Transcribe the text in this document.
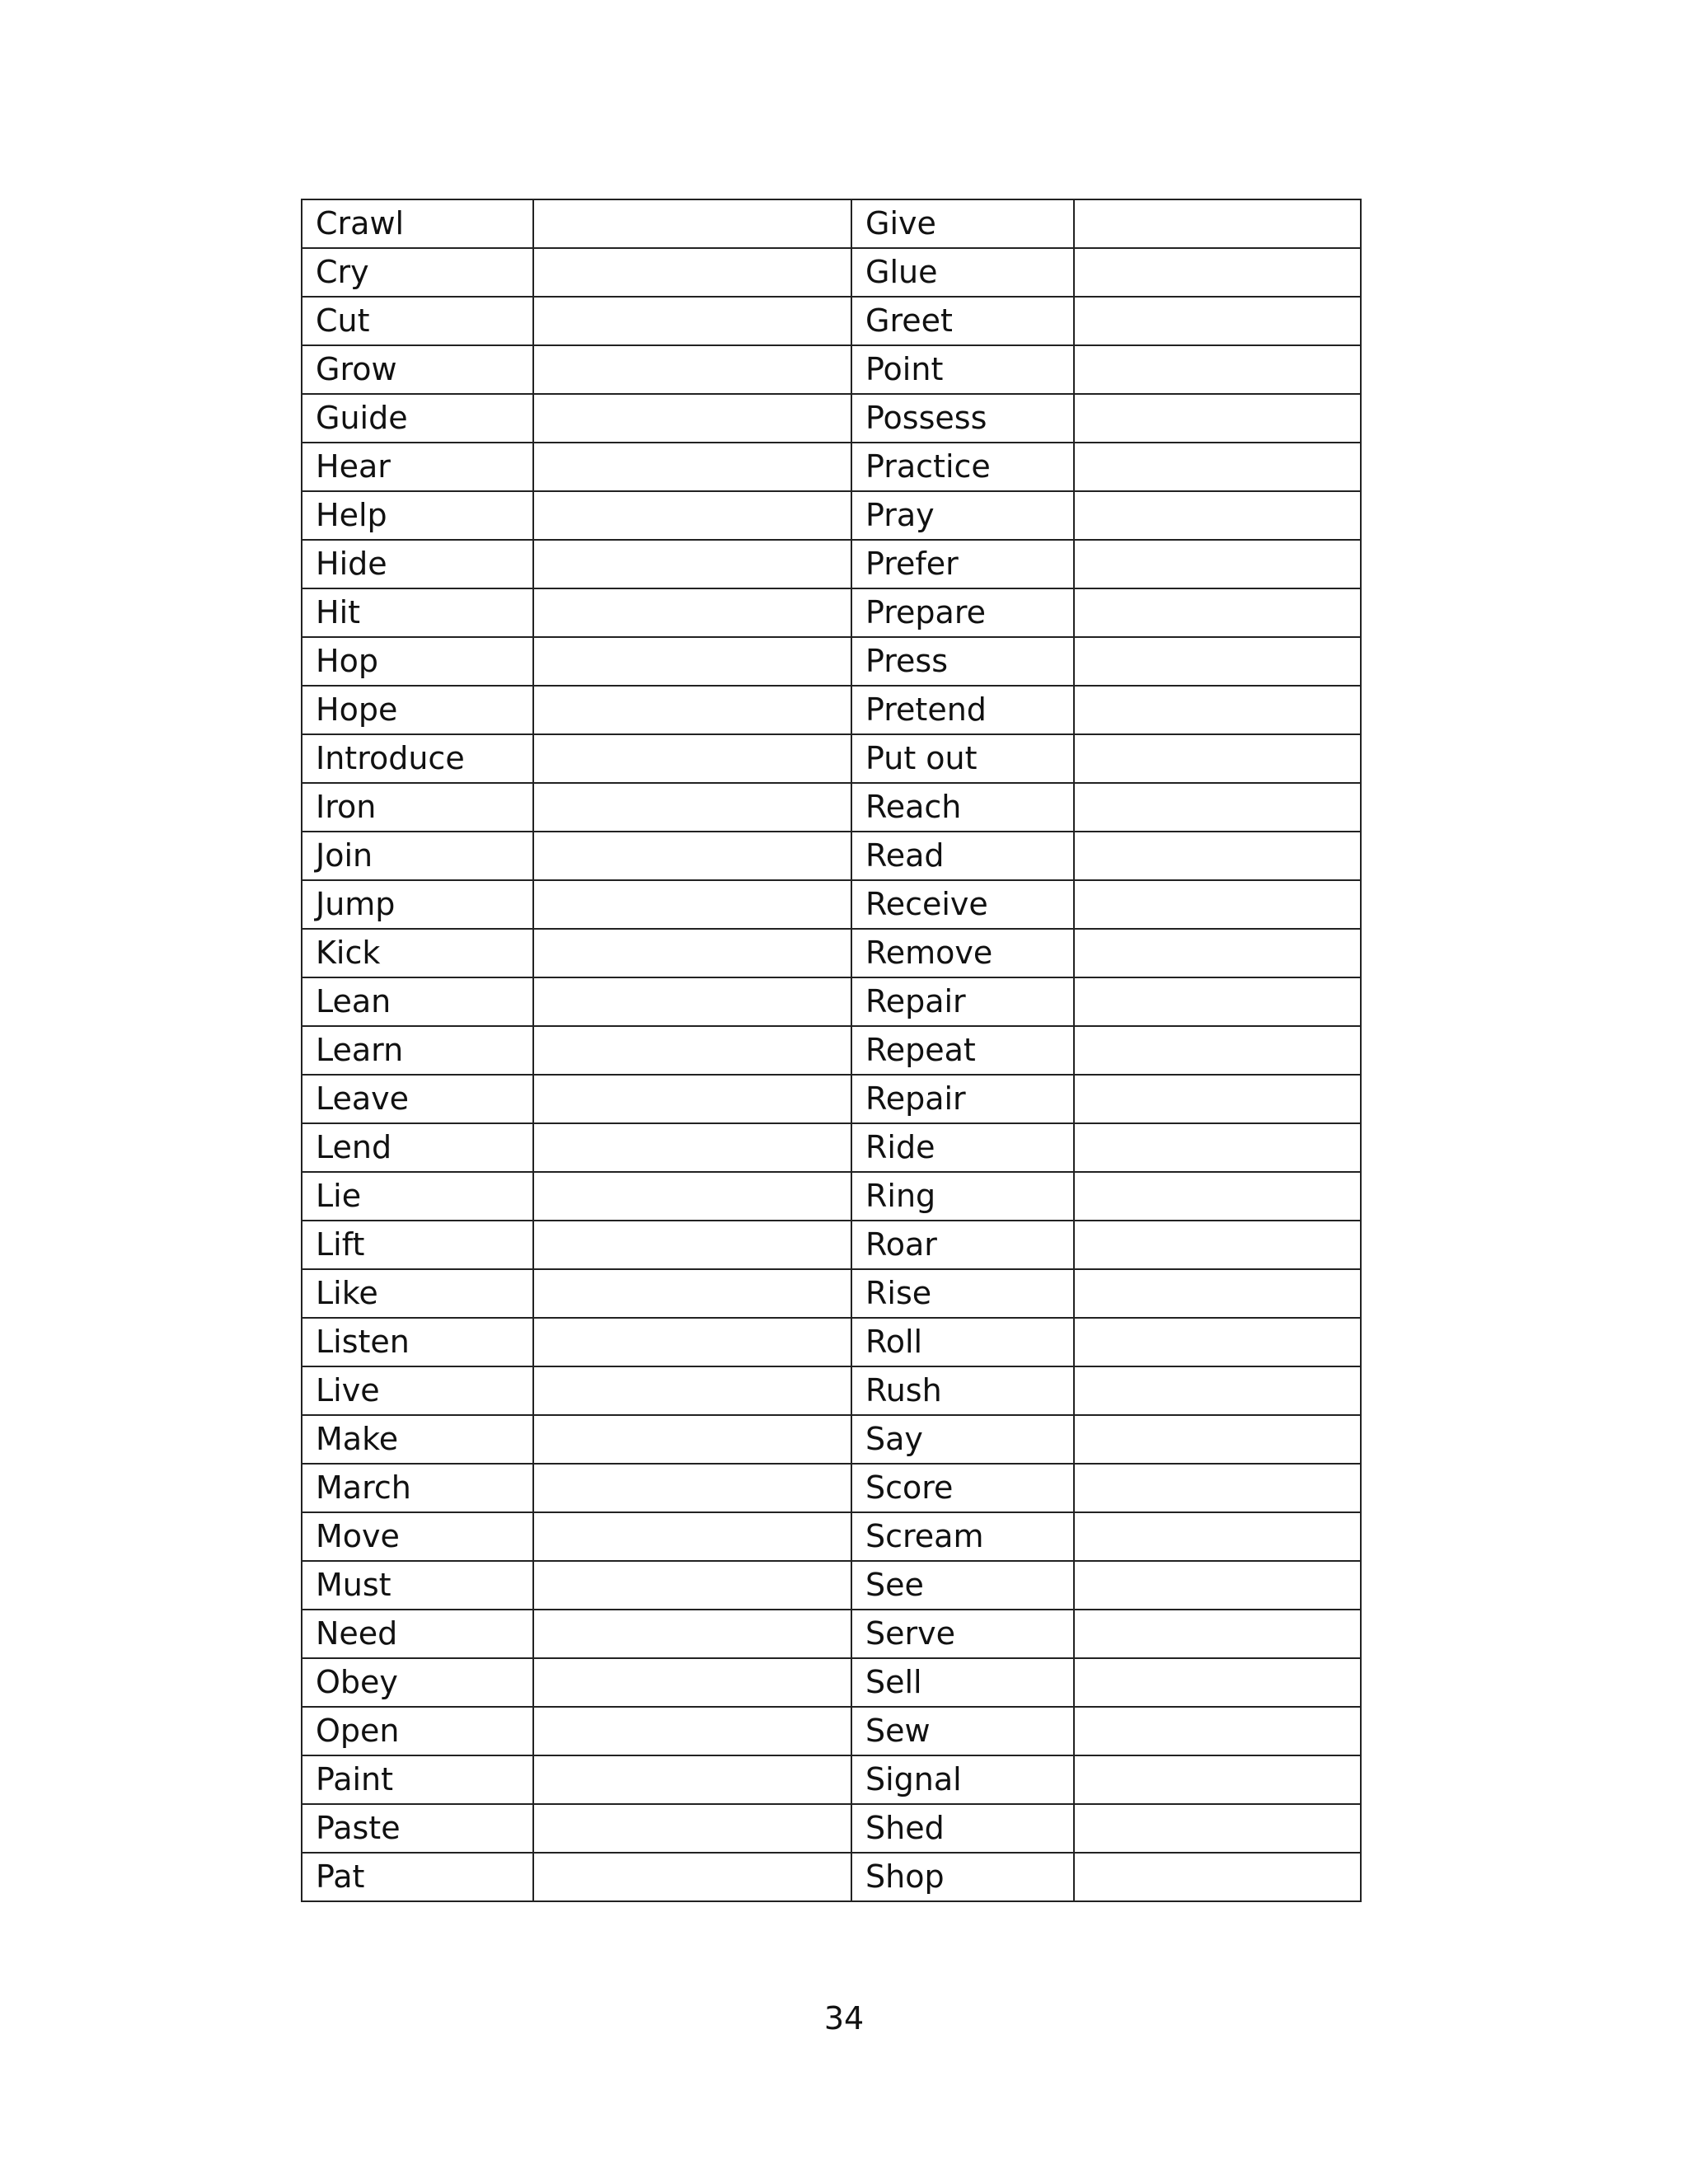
Crawl		Give	
Cry		Glue	
Cut		Greet	
Grow		Point	
Guide		Possess	
Hear		Practice	
Help		Pray	
Hide		Prefer	
Hit		Prepare	
Hop		Press	
Hope		Pretend	
Introduce		Put out	
Iron		Reach	
Join		Read	
Jump		Receive	
Kick		Remove	
Lean		Repair	
Learn		Repeat	
Leave		Repair	
Lend		Ride	
Lie		Ring	
Lift		Roar	
Like		Rise	
Listen		Roll	
Live		Rush	
Make		Say	
March		Score	
Move		Scream	
Must		See	
Need		Serve	
Obey		Sell	
Open		Sew	
Paint		Signal	
Paste		Shed	
Pat		Shop	
34
